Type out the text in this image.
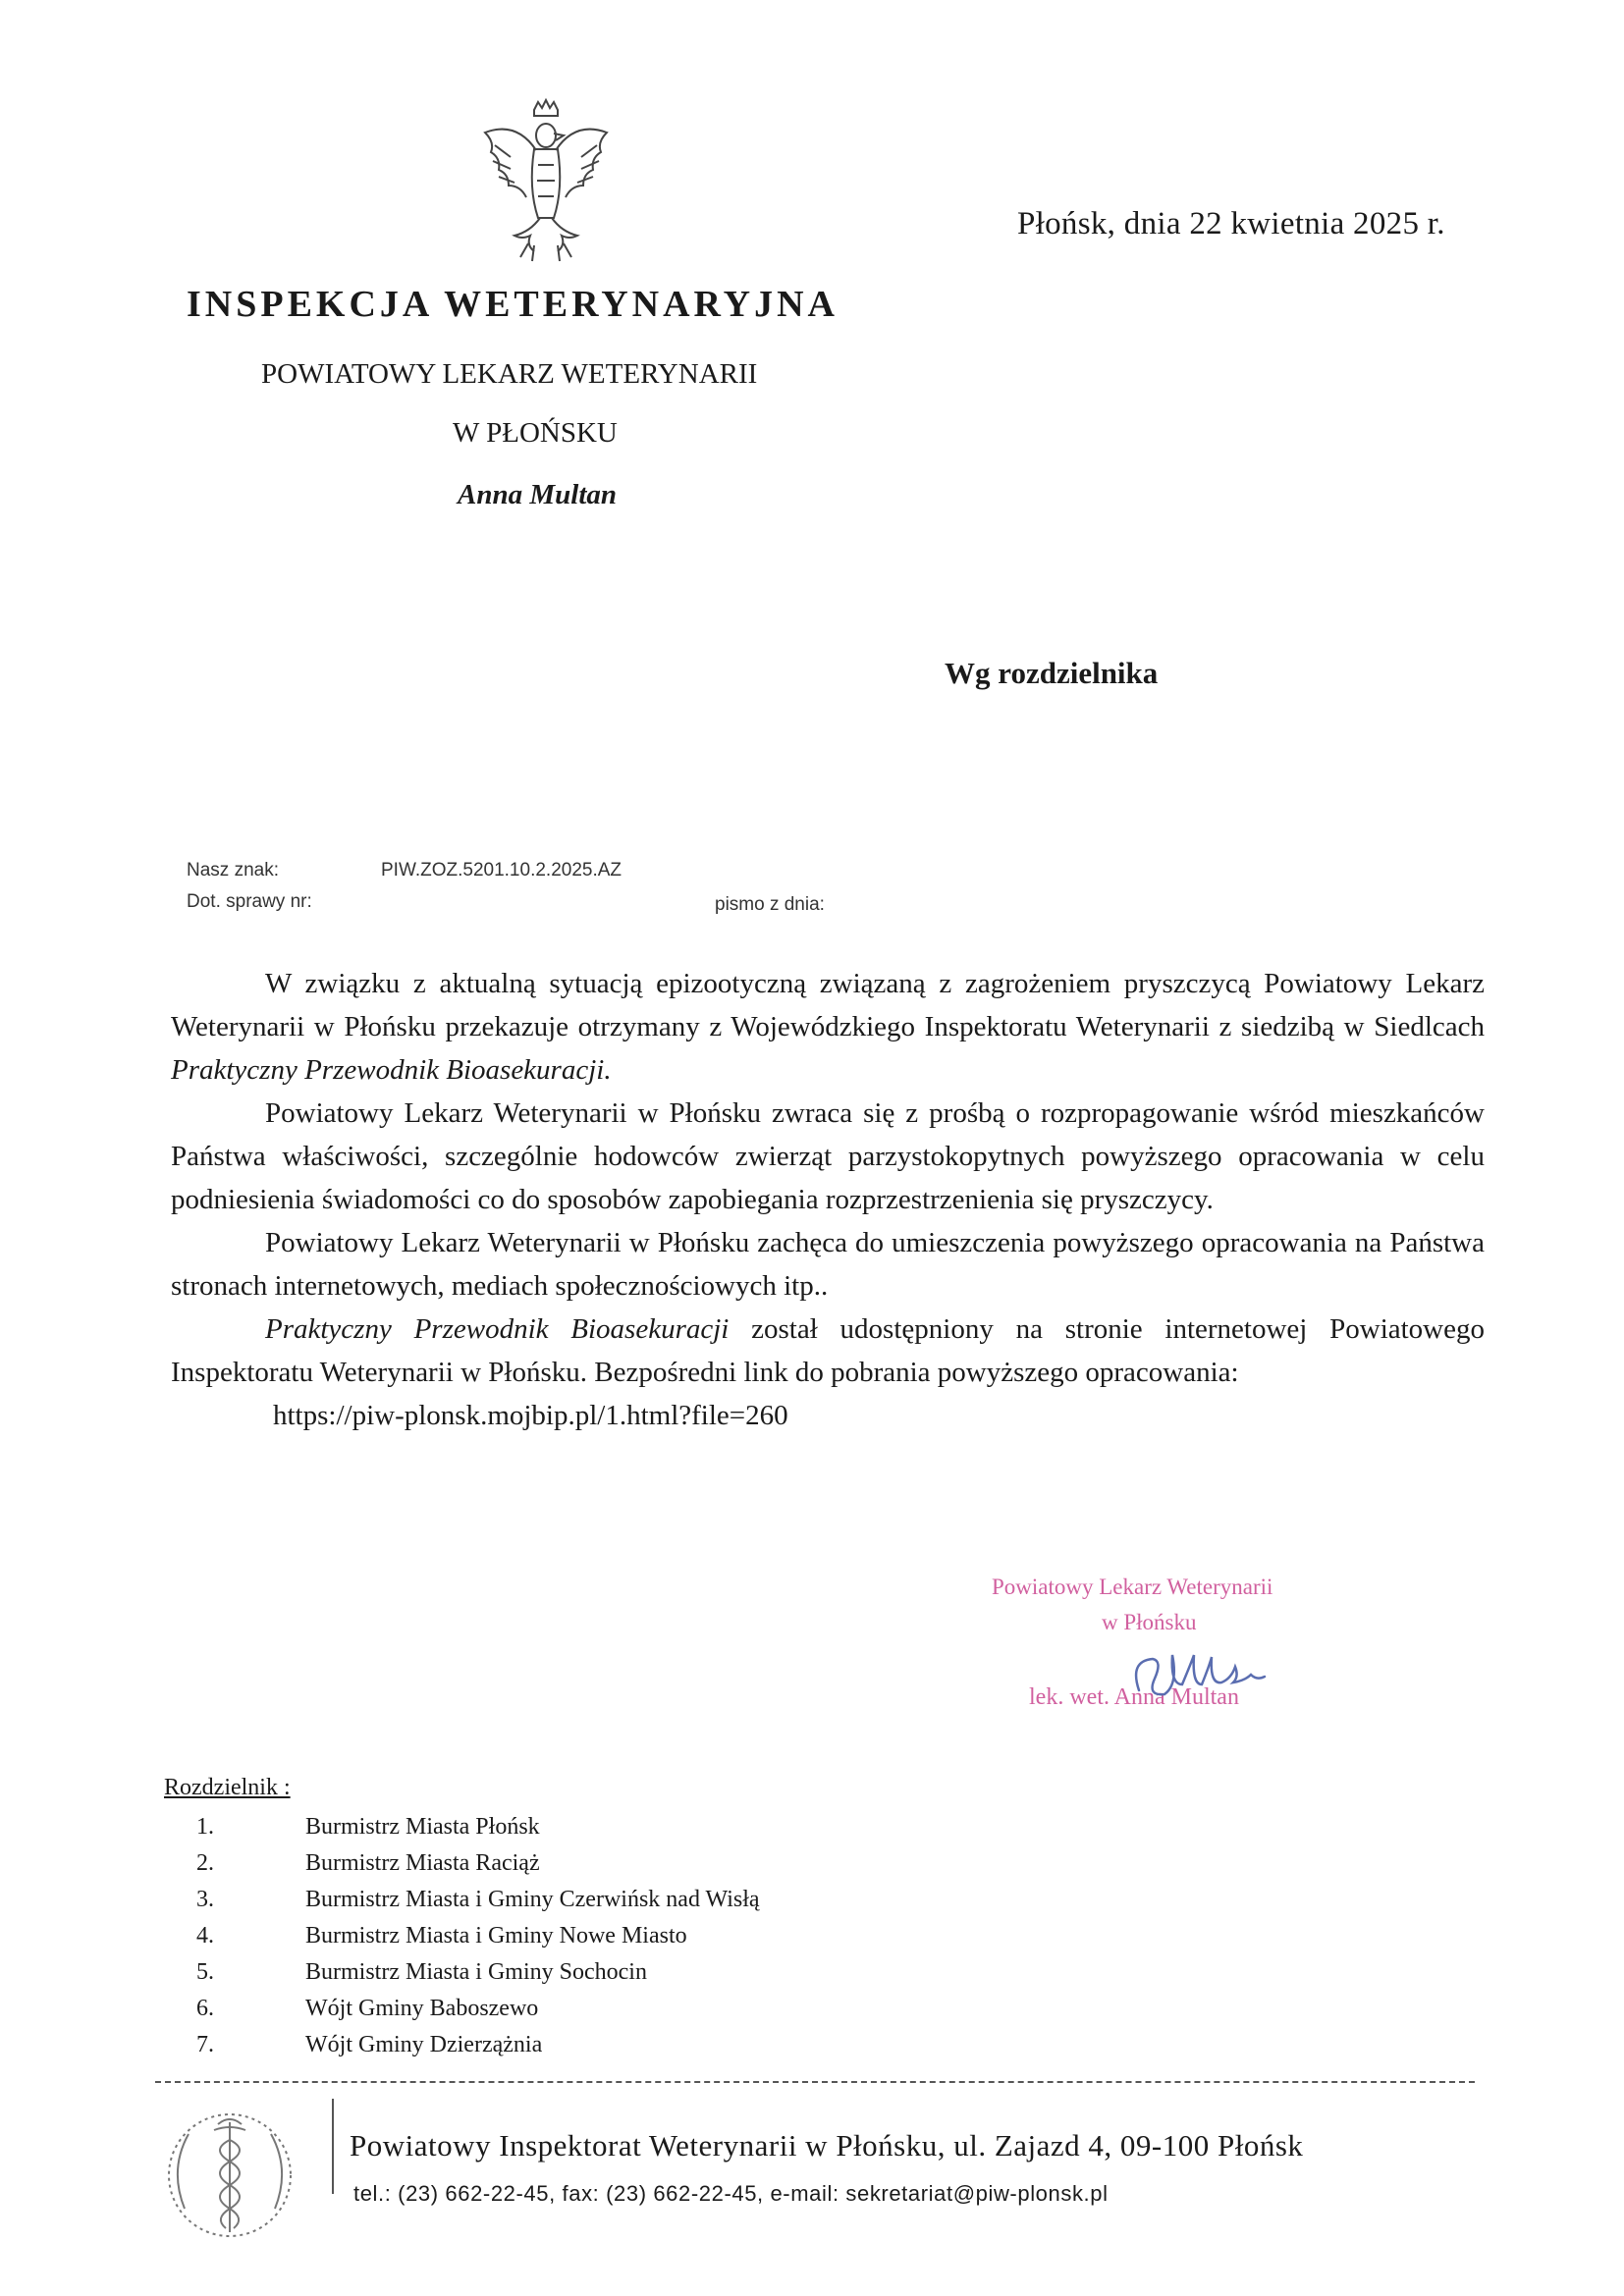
Płońsk, dnia 22 kwietnia 2025 r.
INSPEKCJA WETERYNARYJNA
POWIATOWY LEKARZ WETERYNARII
W PŁOŃSKU
Anna Multan
Wg rozdzielnika
Nasz znak:	PIW.ZOZ.5201.10.2.2025.AZ
Dot. sprawy nr:	pismo z dnia:

W związku z aktualną sytuacją epizootyczną związaną z zagrożeniem pryszczycą Powiatowy Lekarz Weterynarii w Płońsku przekazuje otrzymany z Wojewódzkiego Inspektoratu Weterynarii z siedzibą w Siedlcach Praktyczny Przewodnik Bioasekuracji.

Powiatowy Lekarz Weterynarii w Płońsku zwraca się z prośbą o rozpropagowanie wśród mieszkańców Państwa właściwości, szczególnie hodowców zwierząt parzystokopytnych powyższego opracowania w celu podniesienia świadomości co do sposobów zapobiegania rozprzestrzenienia się pryszczycy.

Powiatowy Lekarz Weterynarii w Płońsku zachęca do umieszczenia powyższego opracowania na Państwa stronach internetowych, mediach społecznościowych itp..

Praktyczny Przewodnik Bioasekuracji został udostępniony na stronie internetowej Powiatowego Inspektoratu Weterynarii w Płońsku. Bezpośredni link do pobrania powyższego opracowania:

https://piw-plonsk.mojbip.pl/1.html?file=260

Powiatowy Lekarz Weterynarii
w Płońsku
lek. wet. Anna Multan
Rozdzielnik :
1.	Burmistrz Miasta Płońsk
2.	Burmistrz Miasta Raciąż
3.	Burmistrz Miasta i Gminy Czerwińsk nad Wisłą
4.	Burmistrz Miasta i Gminy Nowe Miasto
5.	Burmistrz Miasta i Gminy Sochocin
6.	Wójt Gminy Baboszewo
7.	Wójt Gminy Dzierzążnia
Powiatowy Inspektorat Weterynarii w Płońsku, ul. Zajazd 4, 09-100 Płońsk
tel.: (23) 662-22-45, fax: (23) 662-22-45, e-mail: sekretariat@piw-plonsk.pl
